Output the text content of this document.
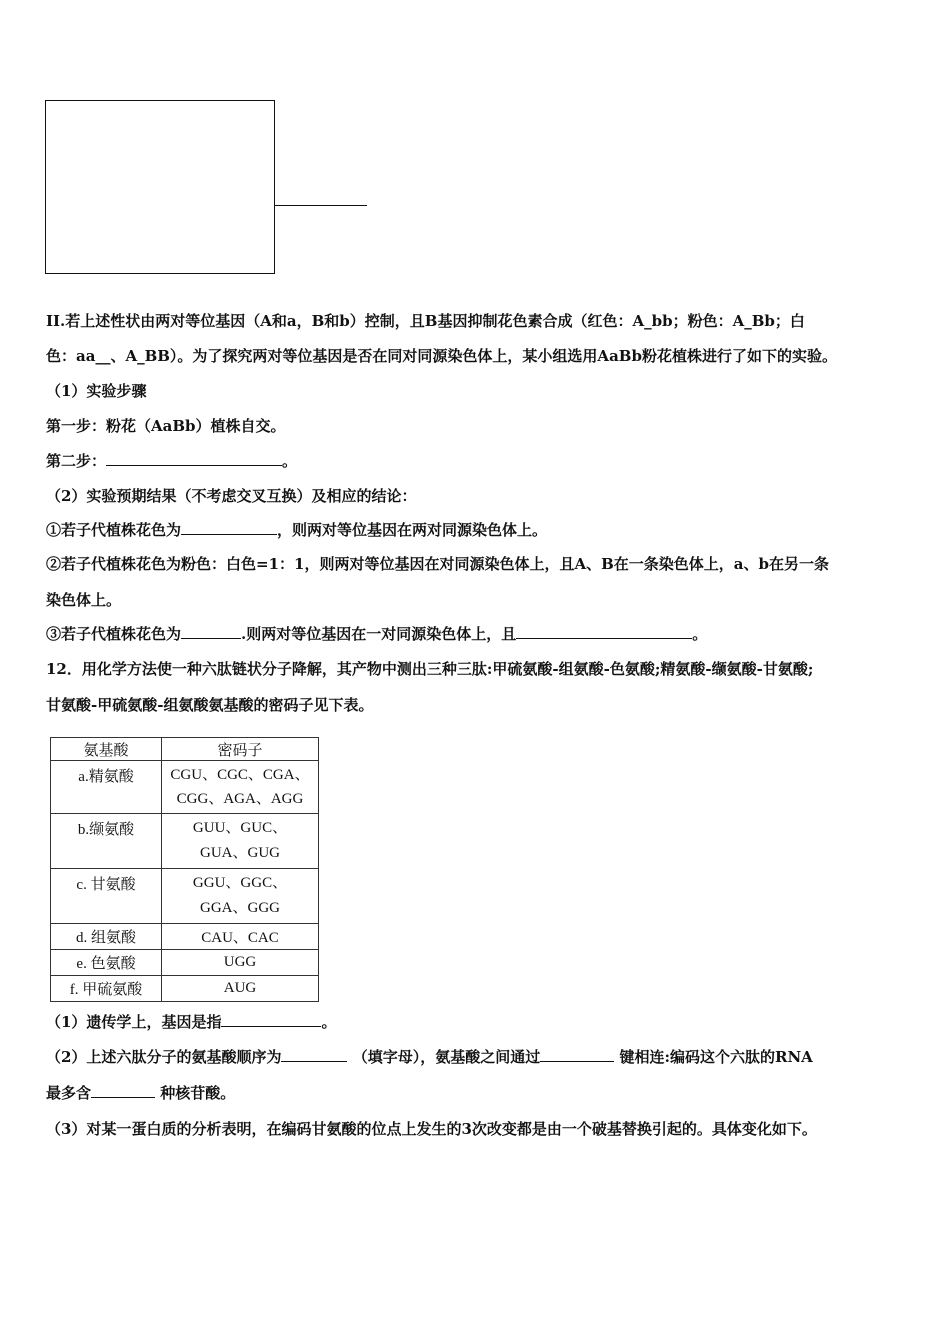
II.若上述性状由两对等位基因（A和a，B和b）控制，且B基因抑制花色素合成（红色：A_bb；粉色：A_Bb；白
色：aa__、A_BB）。为了探究两对等位基因是否在同对同源染色体上，某小组选用AaBb粉花植株进行了如下的实验。
（1）实验步骤
第一步：粉花（AaBb）植株自交。
第二步：	。
（2）实验预期结果（不考虑交叉互换）及相应的结论：
①若子代植株花色为	，则两对等位基因在两对同源染色体上。
②若子代植株花色为粉色：白色=1：1，则两对等位基因在对同源染色体上，且A、B在一条染色体上，a、b在另一条
染色体上。
③若子代植株花色为	.则两对等位基因在一对同源染色体上，且	。
12．用化学方法使一种六肽链状分子降解，其产物中测出三种三肽:甲硫氨酸-组氨酸-色氨酸;精氨酸-缬氨酸-甘氨酸;
甘氨酸-甲硫氨酸-组氨酸氨基酸的密码子见下表。
氨基酸	密码子
a.精氨酸	CGU、CGC、CGA、
CGG、AGA、AGG

b.缬氨酸	GUU、GUC、
GUA、GUG

c. 甘氨酸	GGU、GGC、
GGA、GGG

d. 组氨酸	CAU、CAC
e. 色氨酸	UGG
f. 甲硫氨酸	AUG
（1）遗传学上，基因是指	。
（2）上述六肽分子的氨基酸顺序为	（填字母），氨基酸之间通过	键相连:编码这个六肽的RNA
最多含	种核苷酸。
（3）对某一蛋白质的分析表明，在编码甘氨酸的位点上发生的3次改变都是由一个破基替换引起的。具体变化如下。
